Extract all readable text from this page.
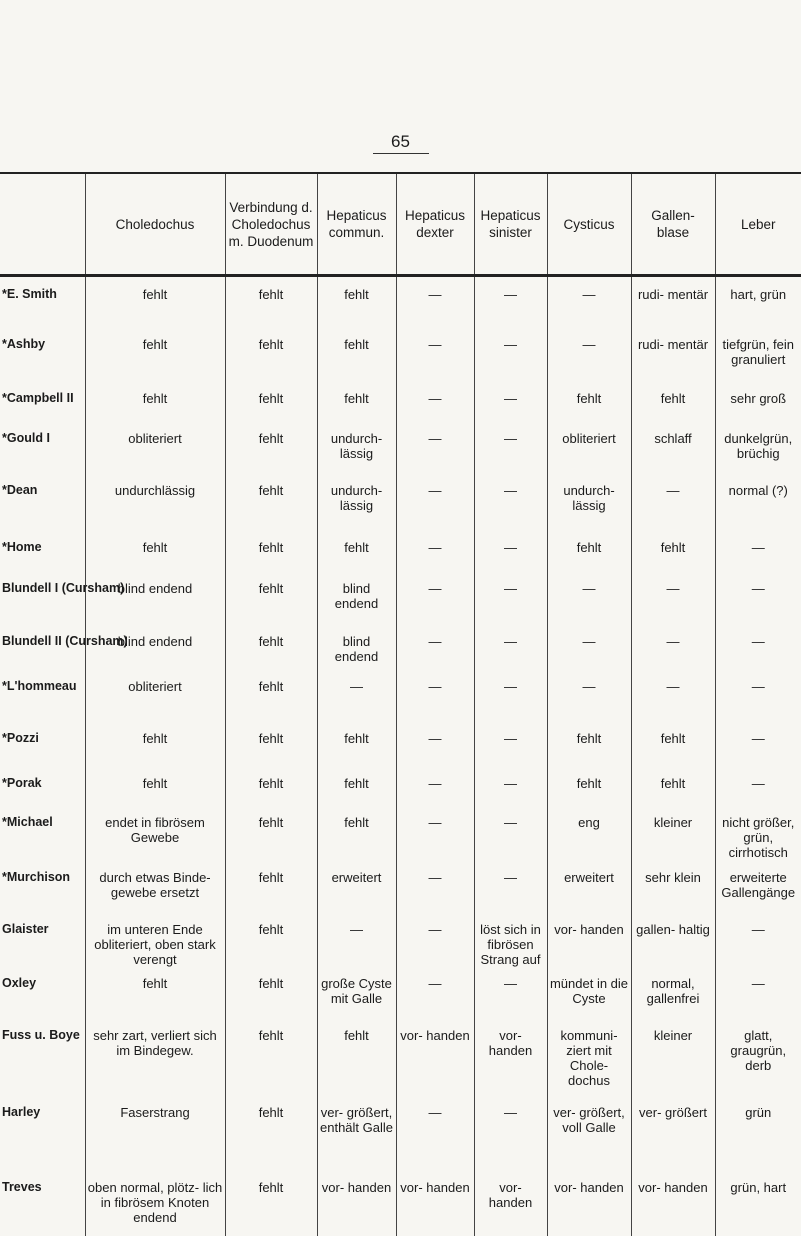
65
	Choledochus	Verbindung d. Choledochus m. Duodenum	Hepaticus commun.	Hepaticus dexter	Hepaticus sinister	Cysticus	Gallen- blase	Leber
*E. Smith	fehlt	fehlt	fehlt	—	—	—	rudi- mentär	hart, grün
*Ashby	fehlt	fehlt	fehlt	—	—	—	rudi- mentär	tiefgrün, fein granuliert
*Campbell II	fehlt	fehlt	fehlt	—	—	fehlt	fehlt	sehr groß
*Gould I	obliteriert	fehlt	undurch- lässig	—	—	obliteriert	schlaff	dunkelgrün, brüchig
*Dean	undurchlässig	fehlt	undurch- lässig	—	—	undurch- lässig	—	normal (?)
*Home	fehlt	fehlt	fehlt	—	—	fehlt	fehlt	—
Blundell I (Cursham)	blind endend	fehlt	blind endend	—	—	—	—	—
Blundell II (Cursham)	blind endend	fehlt	blind endend	—	—	—	—	—
*L'hommeau	obliteriert	fehlt	—	—	—	—	—	—
*Pozzi	fehlt	fehlt	fehlt	—	—	fehlt	fehlt	—
*Porak	fehlt	fehlt	fehlt	—	—	fehlt	fehlt	—
*Michael	endet in fibrösem Gewebe	fehlt	fehlt	—	—	eng	kleiner	nicht größer, grün, cirrhotisch
*Murchison	durch etwas Binde- gewebe ersetzt	fehlt	erweitert	—	—	erweitert	sehr klein	erweiterte Gallengänge
Glaister	im unteren Ende obliteriert, oben stark verengt	fehlt	—	—	löst sich in fibrösen Strang auf	vor- handen	gallen- haltig	—
Oxley	fehlt	fehlt	große Cyste mit Galle	—	—	mündet in die Cyste	normal, gallenfrei	—
Fuss u. Boye	sehr zart, verliert sich im Bindegew.	fehlt	fehlt	vor- handen	vor- handen	kommuni- ziert mit Chole- dochus	kleiner	glatt, graugrün, derb
Harley	Faserstrang	fehlt	ver- größert, enthält Galle	—	—	ver- größert, voll Galle	ver- größert	grün
Treves	oben normal, plötz- lich in fibrösem Knoten endend	fehlt	vor- handen	vor- handen	vor- handen	vor- handen	vor- handen	grün, hart
